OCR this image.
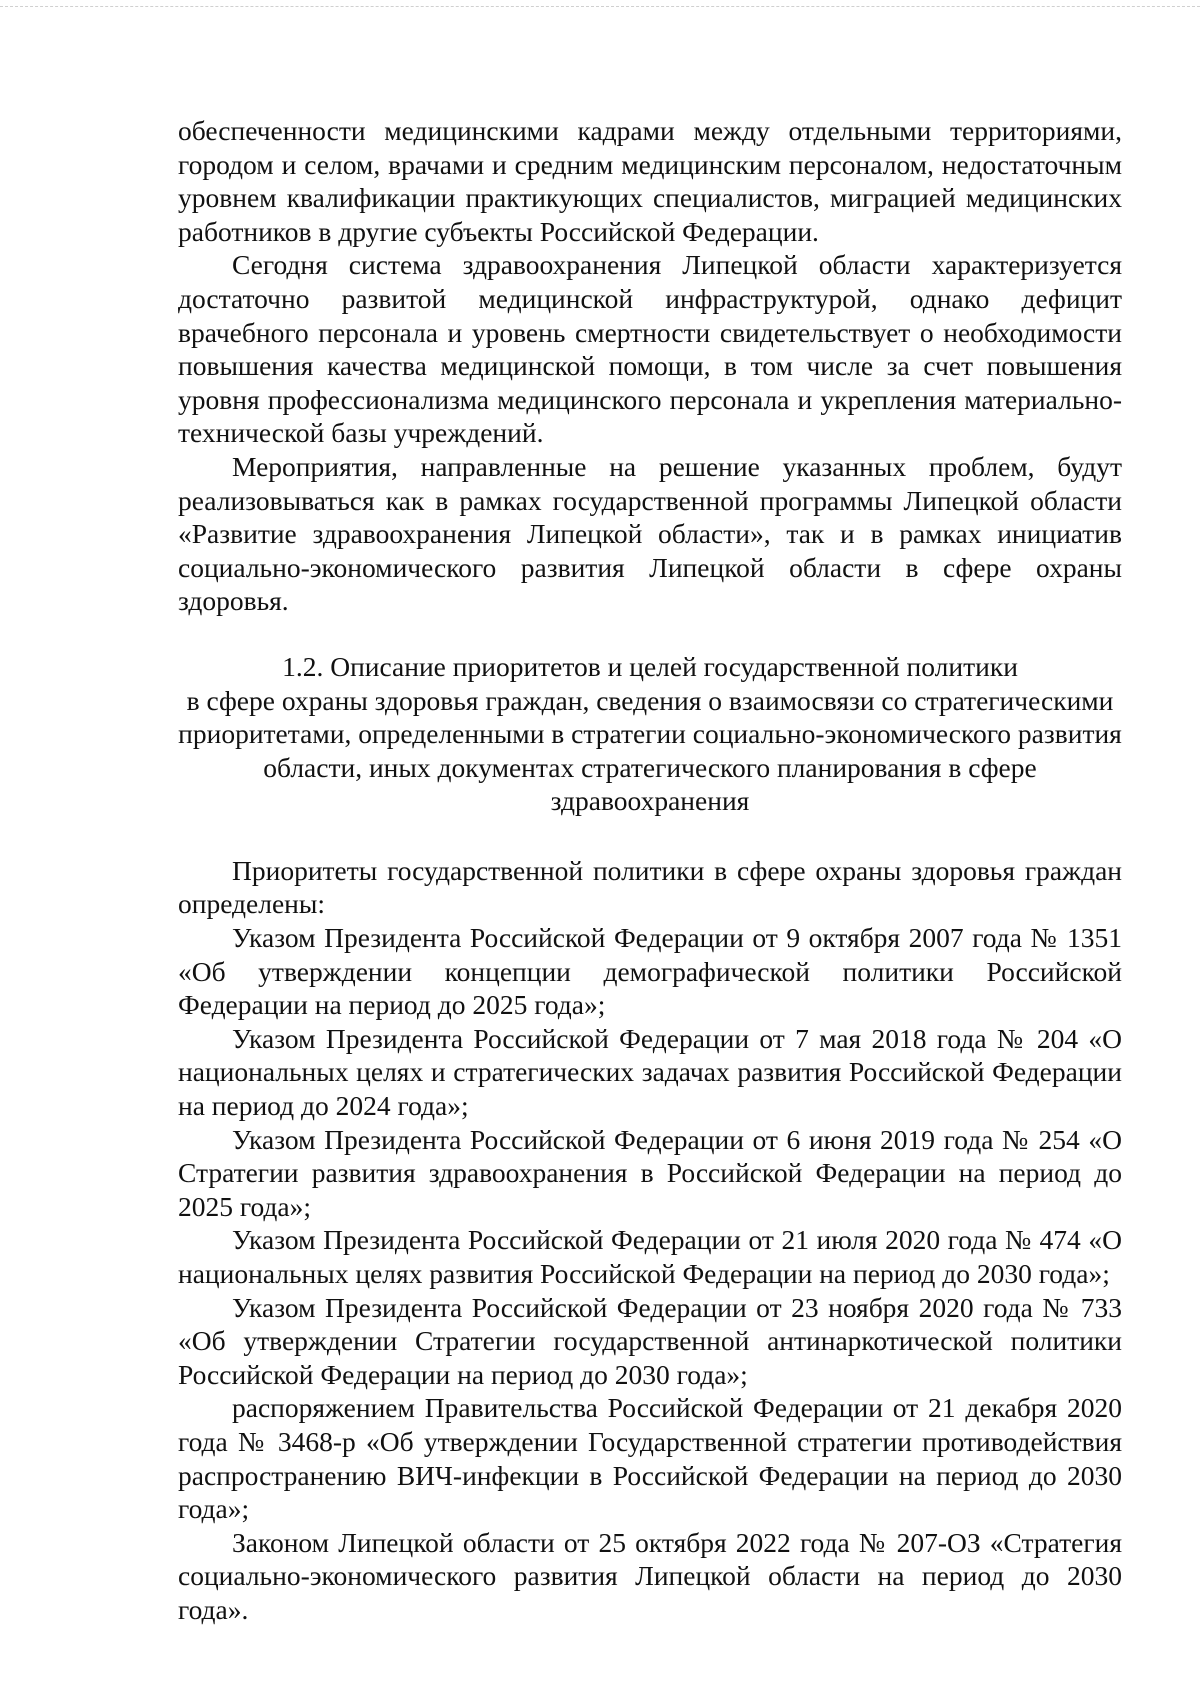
обеспеченности медицинскими кадрами между отдельными территориями, городом и селом, врачами и средним медицинским персоналом, недостаточным уровнем квалификации практикующих специалистов, миграцией медицинских работников в другие субъекты Российской Федерации.

Сегодня система здравоохранения Липецкой области характеризуется достаточно развитой медицинской инфраструктурой, однако дефицит врачебного персонала и уровень смертности свидетельствует о необходимости повышения качества медицинской помощи, в том числе за счет повышения уровня профессионализма медицинского персонала и укрепления материально-технической базы учреждений.

Мероприятия, направленные на решение указанных проблем, будут реализовываться как в рамках государственной программы Липецкой области «Развитие здравоохранения Липецкой области», так и в рамках инициатив социально-экономического развития Липецкой области в сфере охраны здоровья.

1.2. Описание приоритетов и целей государственной политики
в сфере охраны здоровья граждан, сведения о взаимосвязи со стратегическими
приоритетами, определенными в стратегии социально-экономического развития
области, иных документах стратегического планирования в сфере
здравоохранения

Приоритеты государственной политики в сфере охраны здоровья граждан определены:

Указом Президента Российской Федерации от 9 октября 2007 года № 1351 «Об утверждении концепции демографической политики Российской Федерации на период до 2025 года»;

Указом Президента Российской Федерации от 7 мая 2018 года № 204 «О национальных целях и стратегических задачах развития Российской Федерации на период до 2024 года»;

Указом Президента Российской Федерации от 6 июня 2019 года № 254 «О Стратегии развития здравоохранения в Российской Федерации на период до 2025 года»;

Указом Президента Российской Федерации от 21 июля 2020 года № 474 «О национальных целях развития Российской Федерации на период до 2030 года»;

Указом Президента Российской Федерации от 23 ноября 2020 года № 733 «Об утверждении Стратегии государственной антинаркотической политики Российской Федерации на период до 2030 года»;

распоряжением Правительства Российской Федерации от 21 декабря 2020 года № 3468-р «Об утверждении Государственной стратегии противодействия распространению ВИЧ-инфекции в Российской Федерации на период до 2030 года»;

Законом Липецкой области от 25 октября 2022 года № 207-ОЗ «Стратегия социально-экономического развития Липецкой области на период до 2030 года».
